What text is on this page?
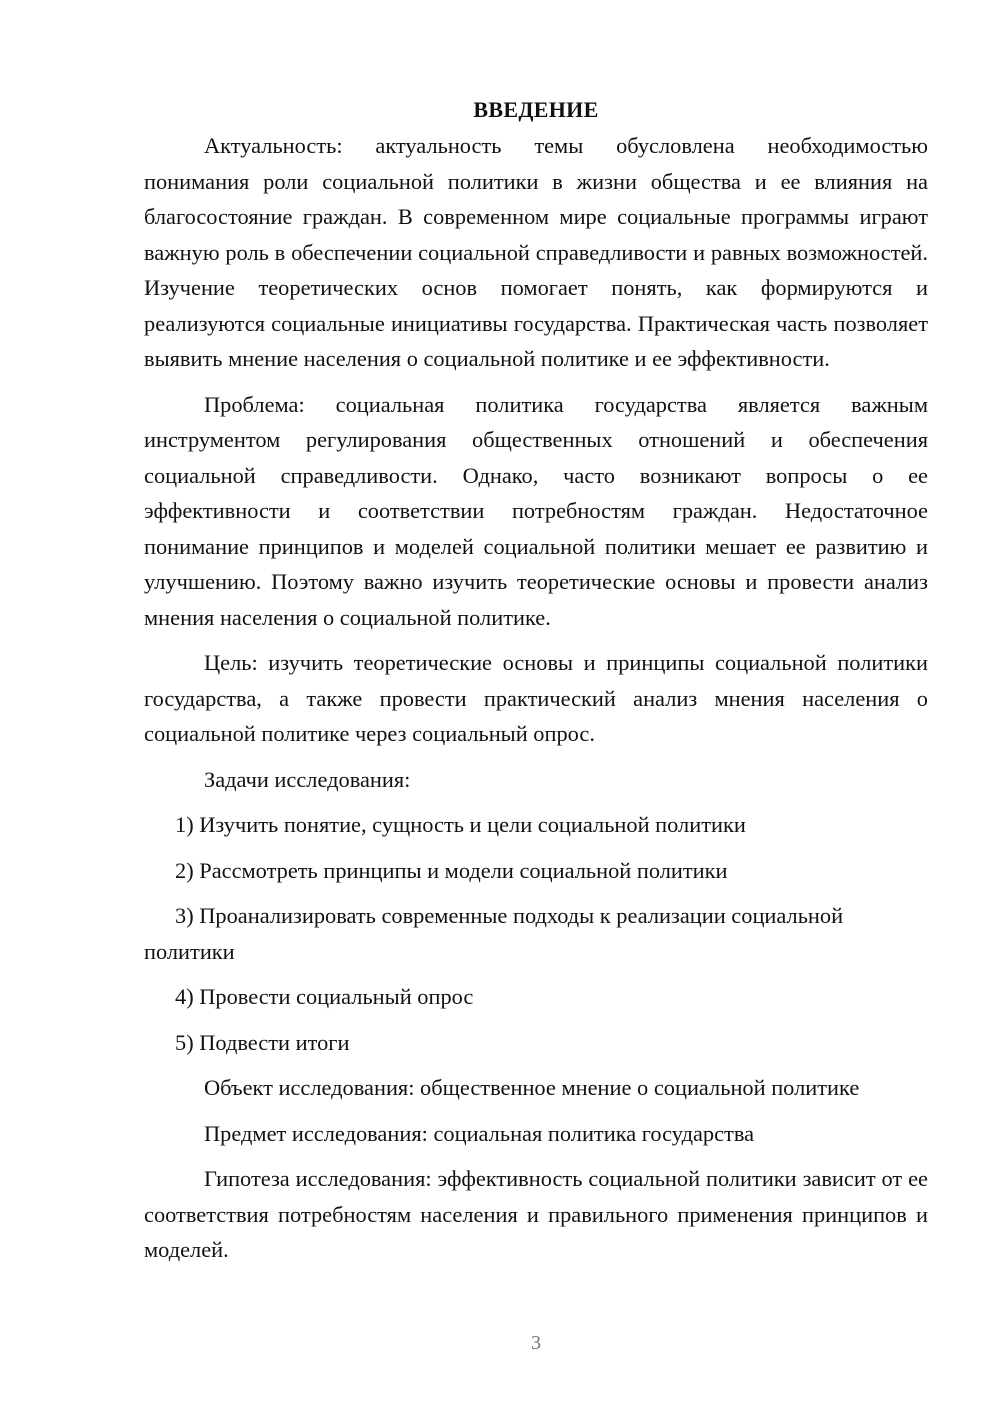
ВВЕДЕНИЕ

Актуальность: актуальность темы обусловлена необходимостью понимания роли социальной политики в жизни общества и ее влияния на благосостояние граждан. В современном мире социальные программы играют важную роль в обеспечении социальной справедливости и равных возможностей. Изучение теоретических основ помогает понять, как формируются и реализуются социальные инициативы государства. Практическая часть позволяет выявить мнение населения о социальной политике и ее эффективности.

Проблема: социальная политика государства является важным инструментом регулирования общественных отношений и обеспечения социальной справедливости. Однако, часто возникают вопросы о ее эффективности и соответствии потребностям граждан. Недостаточное понимание принципов и моделей социальной политики мешает ее развитию и улучшению. Поэтому важно изучить теоретические основы и провести анализ мнения населения о социальной политике.

Цель: изучить теоретические основы и принципы социальной политики государства, а также провести практический анализ мнения населения о социальной политике через социальный опрос.

Задачи исследования:

1) Изучить понятие, сущность и цели социальной политики

2) Рассмотреть принципы и модели социальной политики

3) Проанализировать современные подходы к реализации социальной политики

4) Провести социальный опрос

5) Подвести итоги

Объект исследования: общественное мнение о социальной политике

Предмет исследования: социальная политика государства

Гипотеза исследования: эффективность социальной политики зависит от ее соответствия потребностям населения и правильного применения принципов и моделей.

3
